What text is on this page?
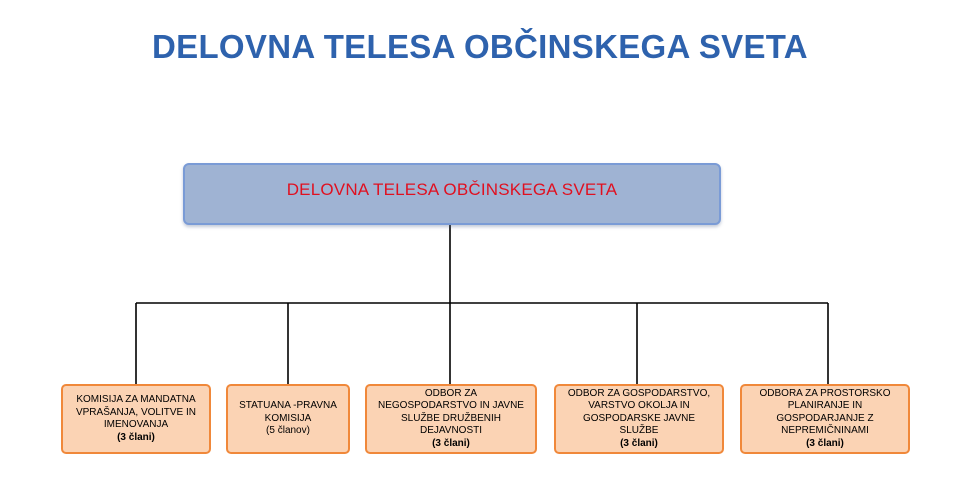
DELOVNA TELESA OBČINSKEGA SVETA
DELOVNA TELESA OBČINSKEGA SVETA
KOMISIJA ZA MANDATNA VPRAŠANJA, VOLITVE IN IMENOVANJA
(3 člani)
STATUANA -PRAVNA KOMISIJA
(5 članov)
ODBOR ZA NEGOSPODARSTVO IN JAVNE SLUŽBE DRUŽBENIH DEJAVNOSTI
(3 člani)
ODBOR ZA GOSPODARSTVO, VARSTVO OKOLJA IN GOSPODARSKE JAVNE SLUŽBE
(3 člani)
ODBORA ZA PROSTORSKO PLANIRANJE IN GOSPODARJANJE Z NEPREMIČNINAMI
(3 člani)
